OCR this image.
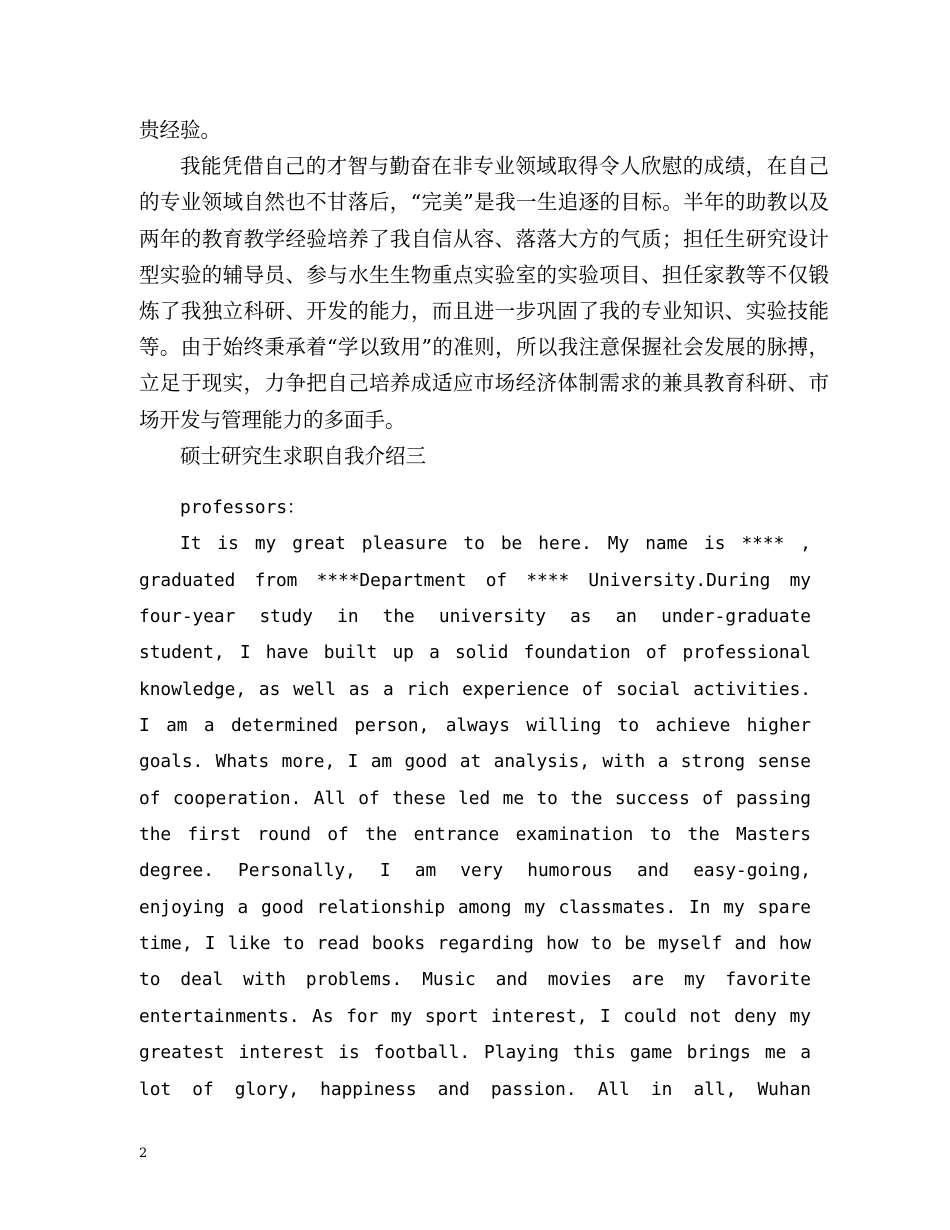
贵经验。

我能凭借自己的才智与勤奋在非专业领域取得令人欣慰的成绩，在自己的专业领域自然也不甘落后，“完美”是我一生追逐的目标。半年的助教以及两年的教育教学经验培养了我自信从容、落落大方的气质；担任生研究设计型实验的辅导员、参与水生生物重点实验室的实验项目、担任家教等不仅锻炼了我独立科研、开发的能力，而且进一步巩固了我的专业知识、实验技能等。由于始终秉承着“学以致用”的准则，所以我注意保握社会发展的脉搏，立足于现实，力争把自己培养成适应市场经济体制需求的兼具教育科研、市场开发与管理能力的多面手。

硕士研究生求职自我介绍三

professors：

It is my great pleasure to be here. My name is **** ,
graduated from ****Department of **** University.During my
four-year study in the university as an under-graduate
student, I have built up a solid foundation of professional
knowledge, as well as a rich experience of social activities.
I am a determined person, always willing to achieve higher
goals. Whats more, I am good at analysis, with a strong sense
of cooperation. All of these led me to the success of passing
the first round of the entrance examination to the Masters
degree. Personally, I am very humorous and easy-going,
enjoying a good relationship among my classmates. In my spare
time, I like to read books regarding how to be myself and how
to deal with problems. Music and movies are my favorite
entertainments. As for my sport interest, I could not deny my
greatest interest is football. Playing this game brings me a
lot of glory, happiness and passion. All in all, Wuhan
2
